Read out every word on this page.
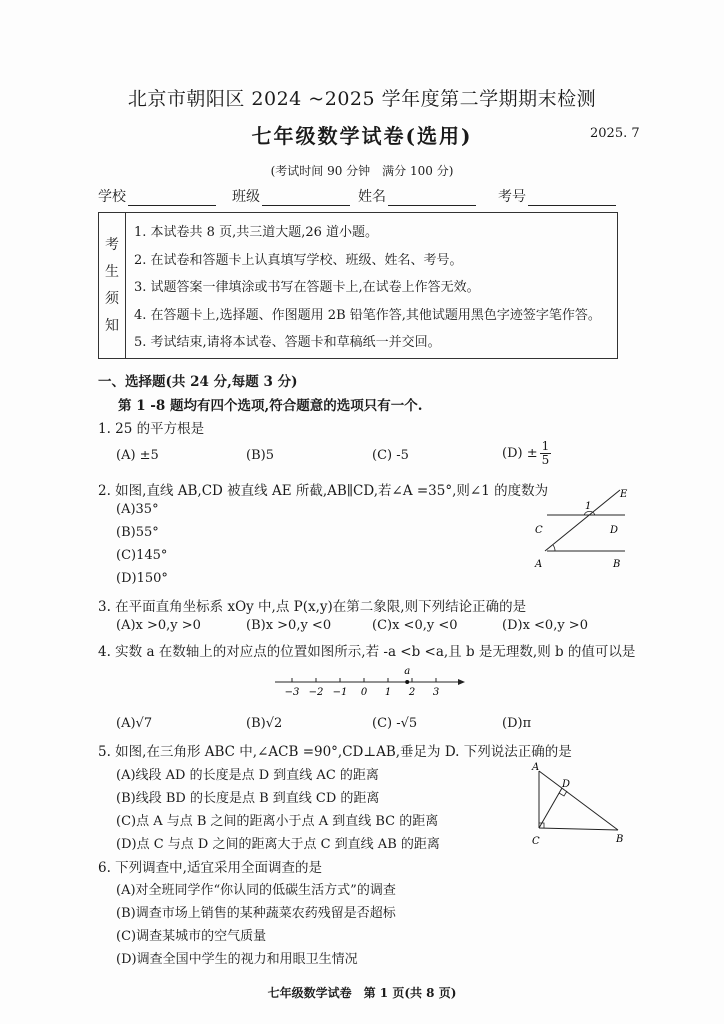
北京市朝阳区 2024 ~2025 学年度第二学期期末检测
七年级数学试卷(选用)	2025. 7
(考试时间 90 分钟　满分 100 分)
学校	班级	姓名	考号
考
生
须
知
1. 本试卷共 8 页,共三道大题,26 道小题。
2. 在试卷和答题卡上认真填写学校、班级、姓名、考号。
3. 试题答案一律填涂或书写在答题卡上,在试卷上作答无效。
4. 在答题卡上,选择题、作图题用 2B 铅笔作答,其他试题用黑色字迹签字笔作答。
5. 考试结束,请将本试卷、答题卡和草稿纸一并交回。
一、选择题(共 24 分,每题 3 分)
第 1 -8 题均有四个选项,符合题意的选项只有一个.
1. 25 的平方根是
(A) ±5	(B)5	(C) -5	$(D) \pm \frac{1}{5}$
2. 如图,直线 AB,CD 被直线 AE 所截,AB∥CD,若∠A =35°,则∠1 的度数为
(A)35°
(B)55°
(C)145°
(D)150°
E
1
C	D
A	B
3. 在平面直角坐标系 xOy 中,点 P(x,y)在第二象限,则下列结论正确的是
(A)x >0,y >0	(B)x >0,y <0	(C)x <0,y <0	(D)x <0,y >0
4. 实数 a 在数轴上的对应点的位置如图所示,若 -a <b <a,且 b 是无理数,则 b 的值可以是
−3 −2 −1 0 1 2 3
a
(A)√7	(B)√2	(C) -√5	(D)π
5. 如图,在三角形 ABC 中,∠ACB =90°,CD⊥AB,垂足为 D. 下列说法正确的是
(A)线段 AD 的长度是点 D 到直线 AC 的距离
(B)线段 BD 的长度是点 B 到直线 CD 的距离
(C)点 A 与点 B 之间的距离小于点 A 到直线 BC 的距离
(D)点 C 与点 D 之间的距离大于点 C 到直线 AB 的距离
A
D
C	B
6. 下列调查中,适宜采用全面调查的是
(A)对全班同学作“你认同的低碳生活方式”的调查
(B)调查市场上销售的某种蔬菜农药残留是否超标
(C)调查某城市的空气质量
(D)调查全国中学生的视力和用眼卫生情况
七年级数学试卷　第 1 页(共 8 页)
